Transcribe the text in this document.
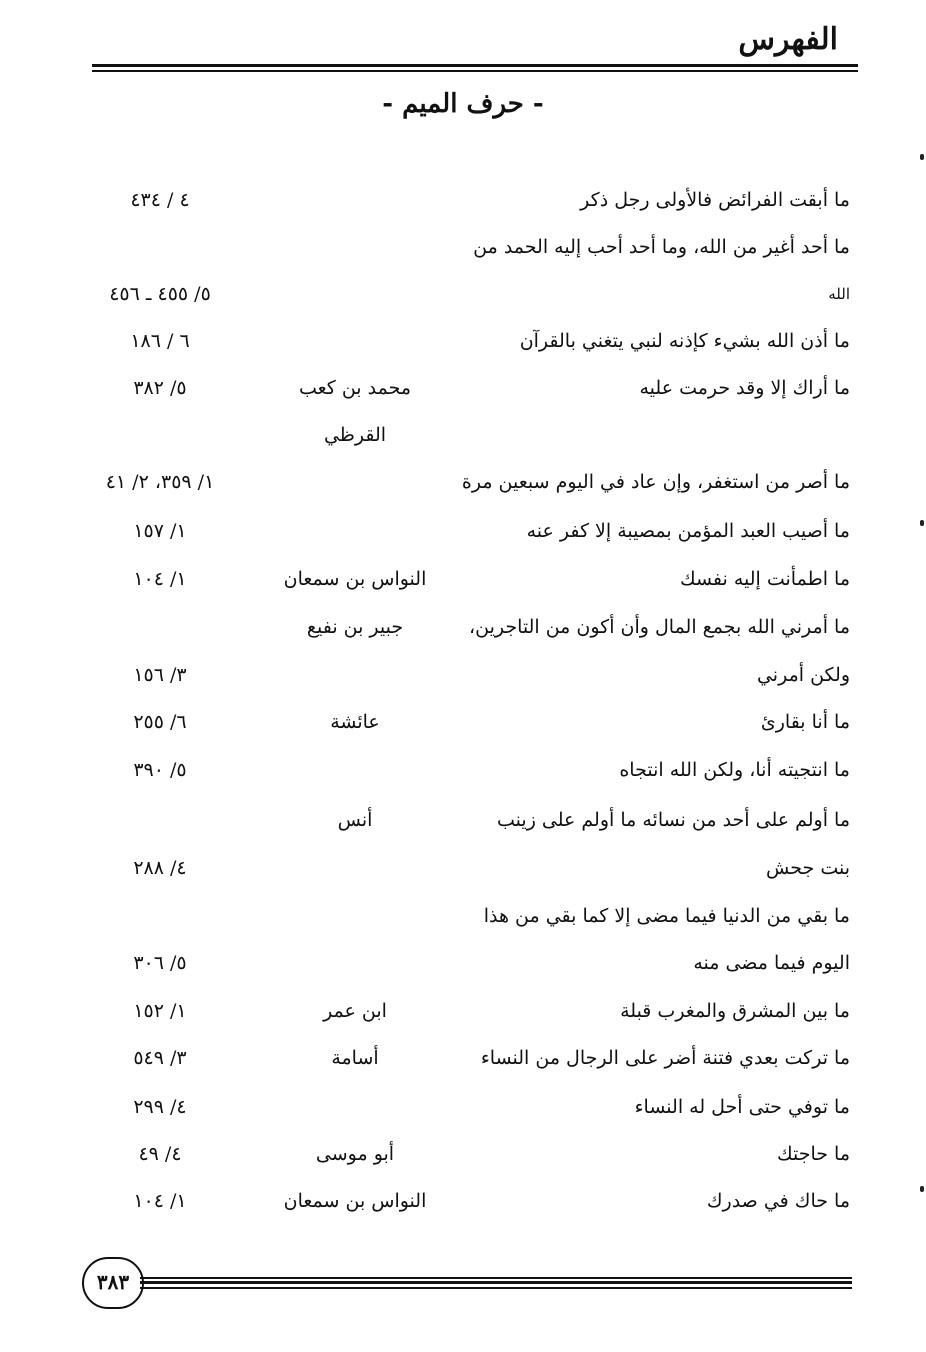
الفهرس
- حرف الميم -
ما أبقت الفرائض فالأولى رجل ذكر
٤ / ٤٣٤
ما أحد أغير من الله، وما أحد أحب إليه الحمد من
الله
٥/ ٤٥٥ ـ ٤٥٦
ما أذن الله بشيء كإذنه لنبي يتغني بالقرآن
٦ / ١٨٦
ما أراك إلا وقد حرمت عليه
محمد بن كعب
٥/ ٣٨٢
القرظي
ما أصر من استغفر، وإن عاد في اليوم سبعين مرة
١/ ٣٥٩، ٢/ ٤١
ما أصيب العبد المؤمن بمصيبة إلا كفر عنه
١/ ١٥٧
ما اطمأنت إليه نفسك
النواس بن سمعان
١/ ١٠٤
ما أمرني الله بجمع المال وأن أكون من التاجرين،
جبير بن نفيع
ولكن أمرني
٣/ ١٥٦
ما أنا بقارئ
عائشة
٦/ ٢٥٥
ما انتجيته أنا، ولكن الله انتجاه
٥/ ٣٩٠
ما أولم على أحد من نسائه ما أولم على زينب
أنس
بنت جحش
٤/ ٢٨٨
ما بقي من الدنيا فيما مضى إلا كما بقي من هذا
اليوم فيما مضى منه
٥/ ٣٠٦
ما بين المشرق والمغرب قبلة
ابن عمر
١/ ١٥٢
ما تركت بعدي فتنة أضر على الرجال من النساء
أسامة
٣/ ٥٤٩
ما توفي حتى أحل له النساء
٤/ ٢٩٩
ما حاجتك
أبو موسى
٤/ ٤٩
ما حاك في صدرك
النواس بن سمعان
١/ ١٠٤
٣٨٣
